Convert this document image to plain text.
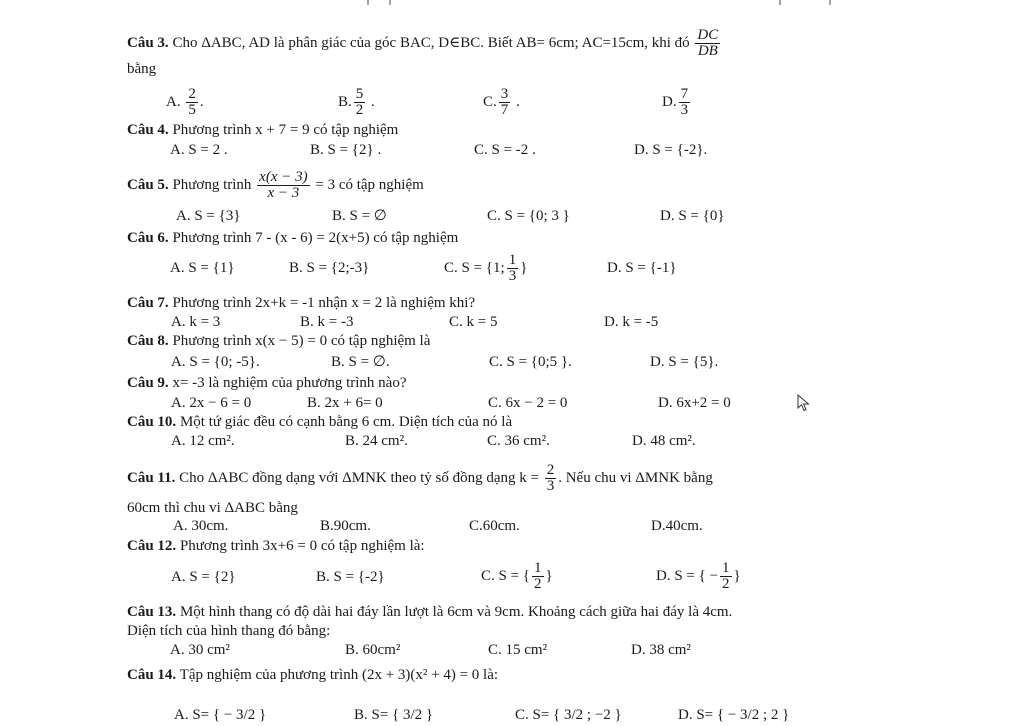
Câu 3. Cho ΔABC, AD là phân giác của góc BAC, D∈BC. Biết AB= 6cm; AC=15cm, khi đó $\frac{DC}{DB}$
bằng
A. $\frac{2}{5}$ .	B. $\frac{5}{2}$ .	C. $\frac{3}{7}$ .	D. $\frac{7}{3}$
Câu 4. Phương trình x + 7 = 9 có tập nghiệm
A. S = 2 .	B. S = {2} .	C. S = -2 .	D. S = {-2}.
Câu 5. Phương trình $\frac{x(x - 3)}{x - 3} = 3$ có tập nghiệm
A. S = {3}	B. S = ∅	C. S = {0; 3 }	D. S = {0}
Câu 6. Phương trình 7 - (x - 6) = 2(x+5) có tập nghiệm
A. S = {1}	B. S = {2;-3}	C. S = {1; $\frac{1}{3}$ }	D. S = {-1}
Câu 7. Phương trình 2x+k = -1 nhận x = 2 là nghiệm khi?
A. k = 3	B. k = -3	C. k = 5	D. k = -5
Câu 8. Phương trình x(x − 5) = 0 có tập nghiệm là
A. S = {0; -5}.	B. S = ∅.	C. S = {0;5 }.	D. S = {5}.
Câu 9. x= -3 là nghiệm của phương trình nào?
A. 2x − 6 = 0	B. 2x + 6= 0	C. 6x − 2 = 0	D. 6x+2 = 0
Câu 10. Một tứ giác đều có cạnh bằng 6 cm. Diện tích của nó là
A. 12 cm².	B. 24 cm².	C. 36 cm².	D. 48 cm².
Câu 11. Cho ΔABC đồng dạng với ΔMNK theo tỷ số đồng dạng $k = \frac{2}{3}$ . Nếu chu vi ΔMNK bằng
60cm thì chu vi ΔABC bằng
A. 30cm.	B.90cm.	C.60cm.	D.40cm.
Câu 12. Phương trình 3x+6 = 0 có tập nghiệm là:
A. S = {2}	B. S = {-2}	C. S = { $\frac{1}{2}$ }	D. S = { − $\frac{1}{2}$ }
Câu 13. Một hình thang có độ dài hai đáy lần lượt là 6cm và 9cm. Khoảng cách giữa hai đáy là 4cm.
Diện tích của hình thang đó bằng:
A. 30 cm²	B. 60cm²	C. 15 cm²	D. 38 cm²
Câu 14. Tập nghiệm của phương trình (2x + 3)(x² + 4) = 0 là:
A. S= { − 3/2 }	B. S= { 3/2 }	C. S= { 3/2 ; −2 }	D. S= { − 3/2 ; 2 }
